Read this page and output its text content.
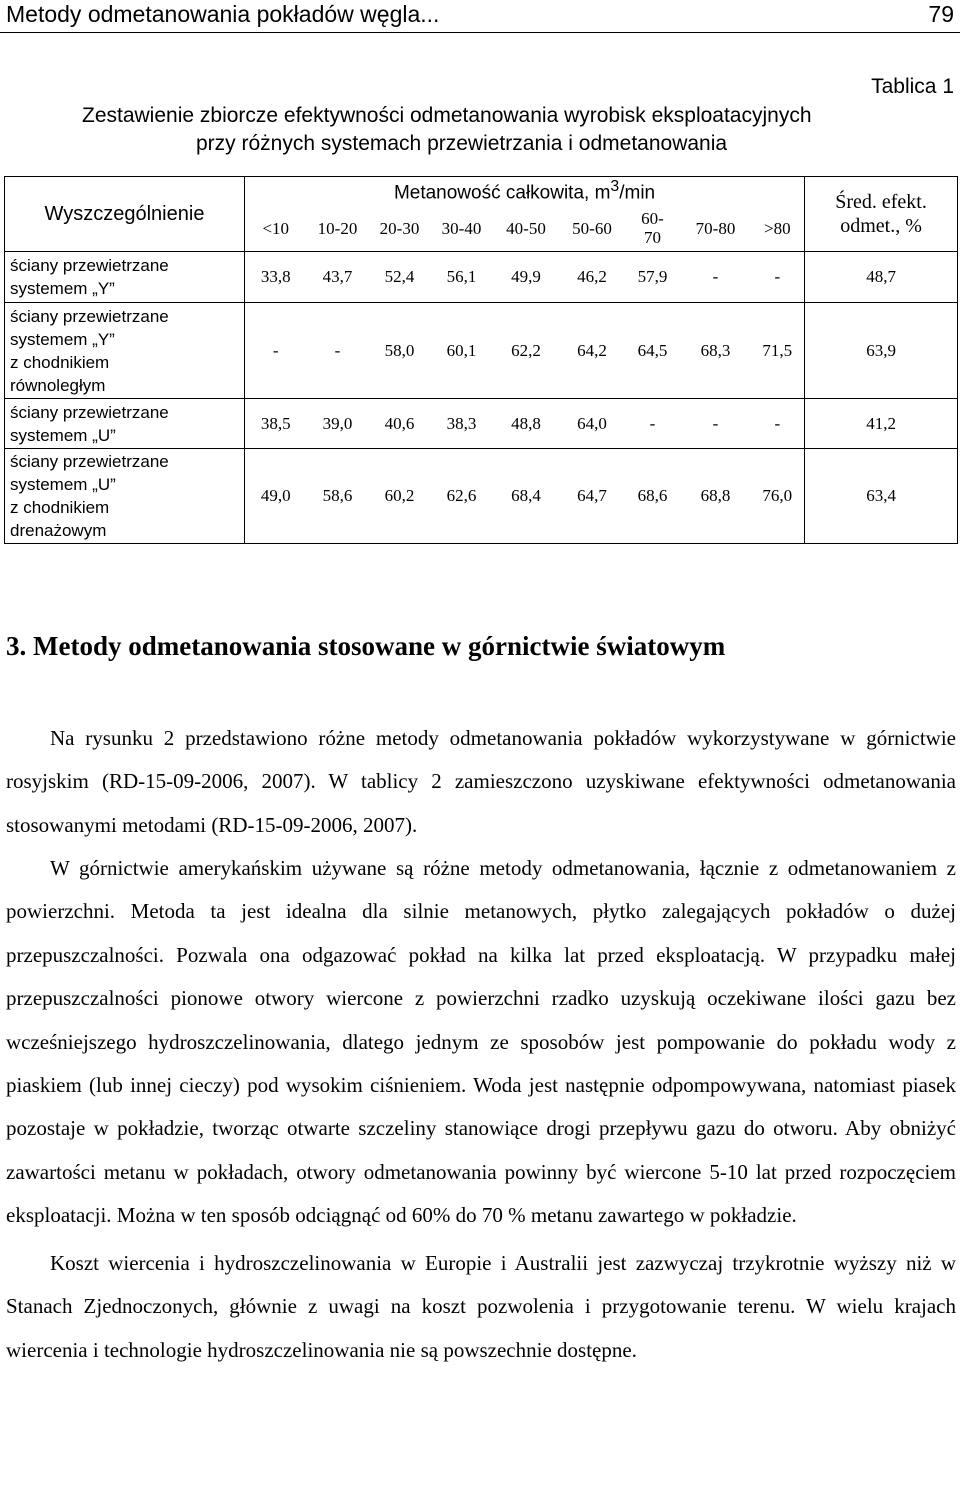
Metody odmetanowania pokładów węgla...	79
Tablica 1
Zestawienie zbiorcze efektywności odmetanowania wyrobisk eksploatacyjnych
przy różnych systemach przewietrzania i odmetanowania
Wyszczególnienie	Metanowość całkowita, $m^3/\min$									Śred. efekt.
odmet., %
	<10	10-20	20-30	30-40	40-50	50-60	60-
70	70-80	>80	
ściany przewietrzane
systemem „Y”	33,8	43,7	52,4	56,1	49,9	46,2	57,9	-	-	48,7
ściany przewietrzane
systemem „Y”
z chodnikiem
równoległym	-	-	58,0	60,1	62,2	64,2	64,5	68,3	71,5	63,9
ściany przewietrzane
systemem „U”	38,5	39,0	40,6	38,3	48,8	64,0	-	-	-	41,2
ściany przewietrzane
systemem „U”
z chodnikiem
drenażowym	49,0	58,6	60,2	62,6	68,4	64,7	68,6	68,8	76,0	63,4
3. Metody odmetanowania stosowane w górnictwie światowym

Na rysunku 2 przedstawiono różne metody odmetanowania pokładów wykorzystywane w górnictwie rosyjskim (RD-15-09-2006, 2007). W tablicy 2 zamieszczono uzyskiwane efektywności odmetanowania stosowanymi metodami (RD-15-09-2006, 2007).

W górnictwie amerykańskim używane są różne metody odmetanowania, łącznie z odmetanowaniem z powierzchni. Metoda ta jest idealna dla silnie metanowych, płytko zalegających pokładów o dużej przepuszczalności. Pozwala ona odgazować pokład na kilka lat przed eksploatacją. W przypadku małej przepuszczalności pionowe otwory wiercone z powierzchni rzadko uzyskują oczekiwane ilości gazu bez wcześniejszego hydroszczelinowania, dlatego jednym ze sposobów jest pompowanie do pokładu wody z piaskiem (lub innej cieczy) pod wysokim ciśnieniem. Woda jest następnie odpompowywana, natomiast piasek pozostaje w pokładzie, tworząc otwarte szczeliny stanowiące drogi przepływu gazu do otworu. Aby obniżyć zawartości metanu w pokładach, otwory odmetanowania powinny być wiercone 5-10 lat przed rozpoczęciem eksploatacji. Można w ten sposób odciągnąć od 60% do 70 % metanu zawartego w pokładzie.

Koszt wiercenia i hydroszczelinowania w Europie i Australii jest zazwyczaj trzykrotnie wyższy niż w Stanach Zjednoczonych, głównie z uwagi na koszt pozwolenia i przygotowanie terenu. W wielu krajach wiercenia i technologie hydroszczelinowania nie są powszechnie dostępne.
